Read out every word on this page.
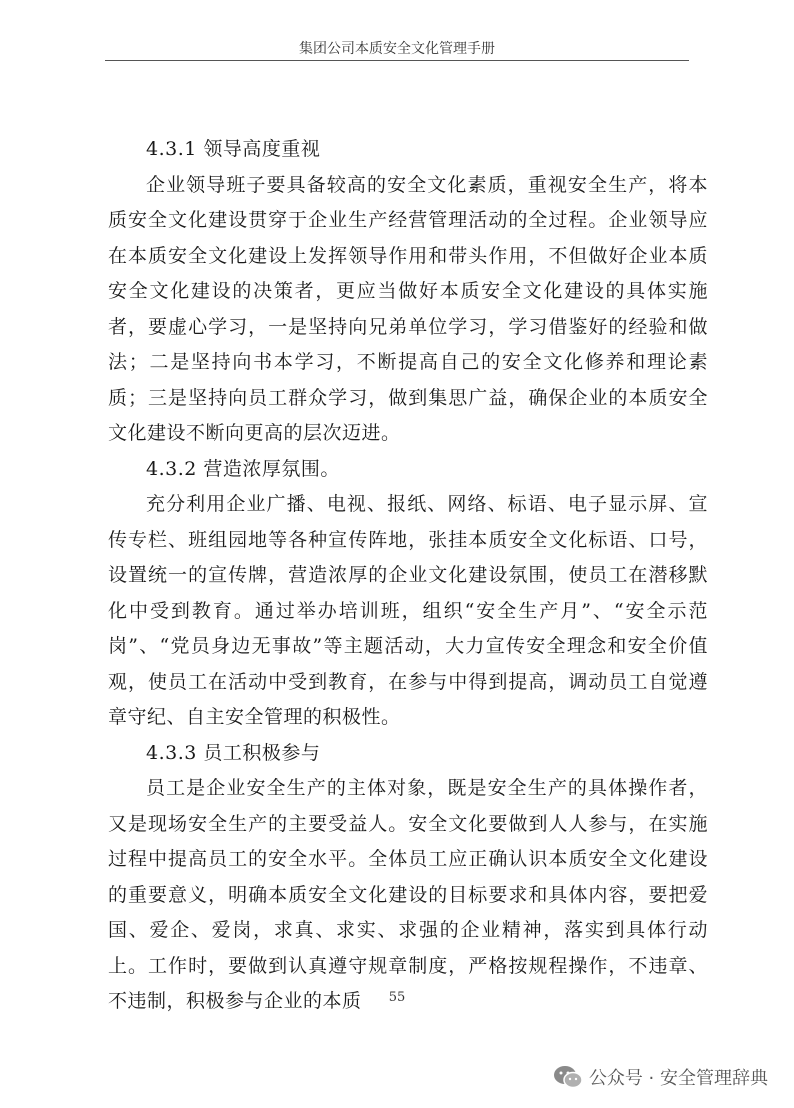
集团公司本质安全文化管理手册
4.3.1 领导高度重视

企业领导班子要具备较高的安全文化素质，重视安全生产，将本质安全文化建设贯穿于企业生产经营管理活动的全过程。企业领导应在本质安全文化建设上发挥领导作用和带头作用，不但做好企业本质安全文化建设的决策者，更应当做好本质安全文化建设的具体实施者，要虚心学习，一是坚持向兄弟单位学习，学习借鉴好的经验和做法；二是坚持向书本学习，不断提高自己的安全文化修养和理论素质；三是坚持向员工群众学习，做到集思广益，确保企业的本质安全文化建设不断向更高的层次迈进。

4.3.2 营造浓厚氛围。

充分利用企业广播、电视、报纸、网络、标语、电子显示屏、宣传专栏、班组园地等各种宣传阵地，张挂本质安全文化标语、口号，设置统一的宣传牌，营造浓厚的企业文化建设氛围，使员工在潜移默化中受到教育。通过举办培训班，组织“安全生产月”、“安全示范岗”、“党员身边无事故”等主题活动，大力宣传安全理念和安全价值观，使员工在活动中受到教育，在参与中得到提高，调动员工自觉遵章守纪、自主安全管理的积极性。

4.3.3 员工积极参与

员工是企业安全生产的主体对象，既是安全生产的具体操作者，又是现场安全生产的主要受益人。安全文化要做到人人参与，在实施过程中提高员工的安全水平。全体员工应正确认识本质安全文化建设的重要意义，明确本质安全文化建设的目标要求和具体内容，要把爱国、爱企、爱岗，求真、求实、求强的企业精神，落实到具体行动上。工作时，要做到认真遵守规章制度，严格按规程操作，不违章、不违制，积极参与企业的本质	55
公众号 · 安全管理辞典
